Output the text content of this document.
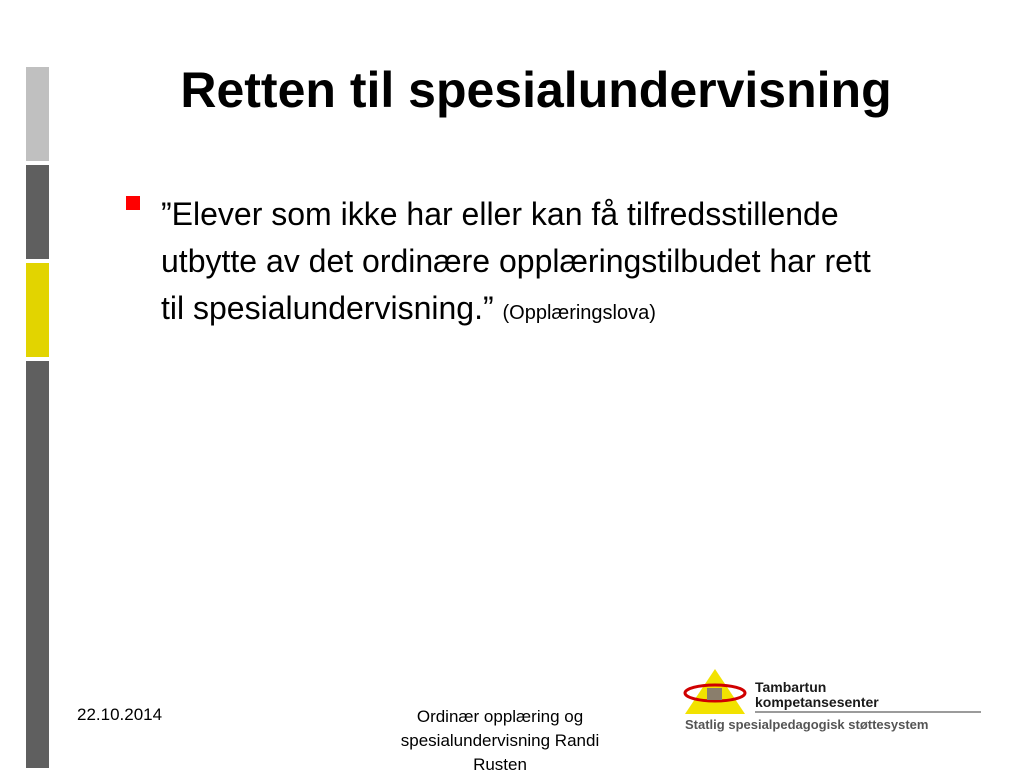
Retten til spesialundervisning
”Elever som ikke har eller kan få tilfredsstillende utbytte av det ordinære opplæringstilbudet har rett til spesialundervisning.” (Opplæringslova)
22.10.2014	Ordinær opplæring og spesialundervisning Randi Rusten
Tambartun
kompetansesenter
Statlig spesialpedagogisk støttesystem
